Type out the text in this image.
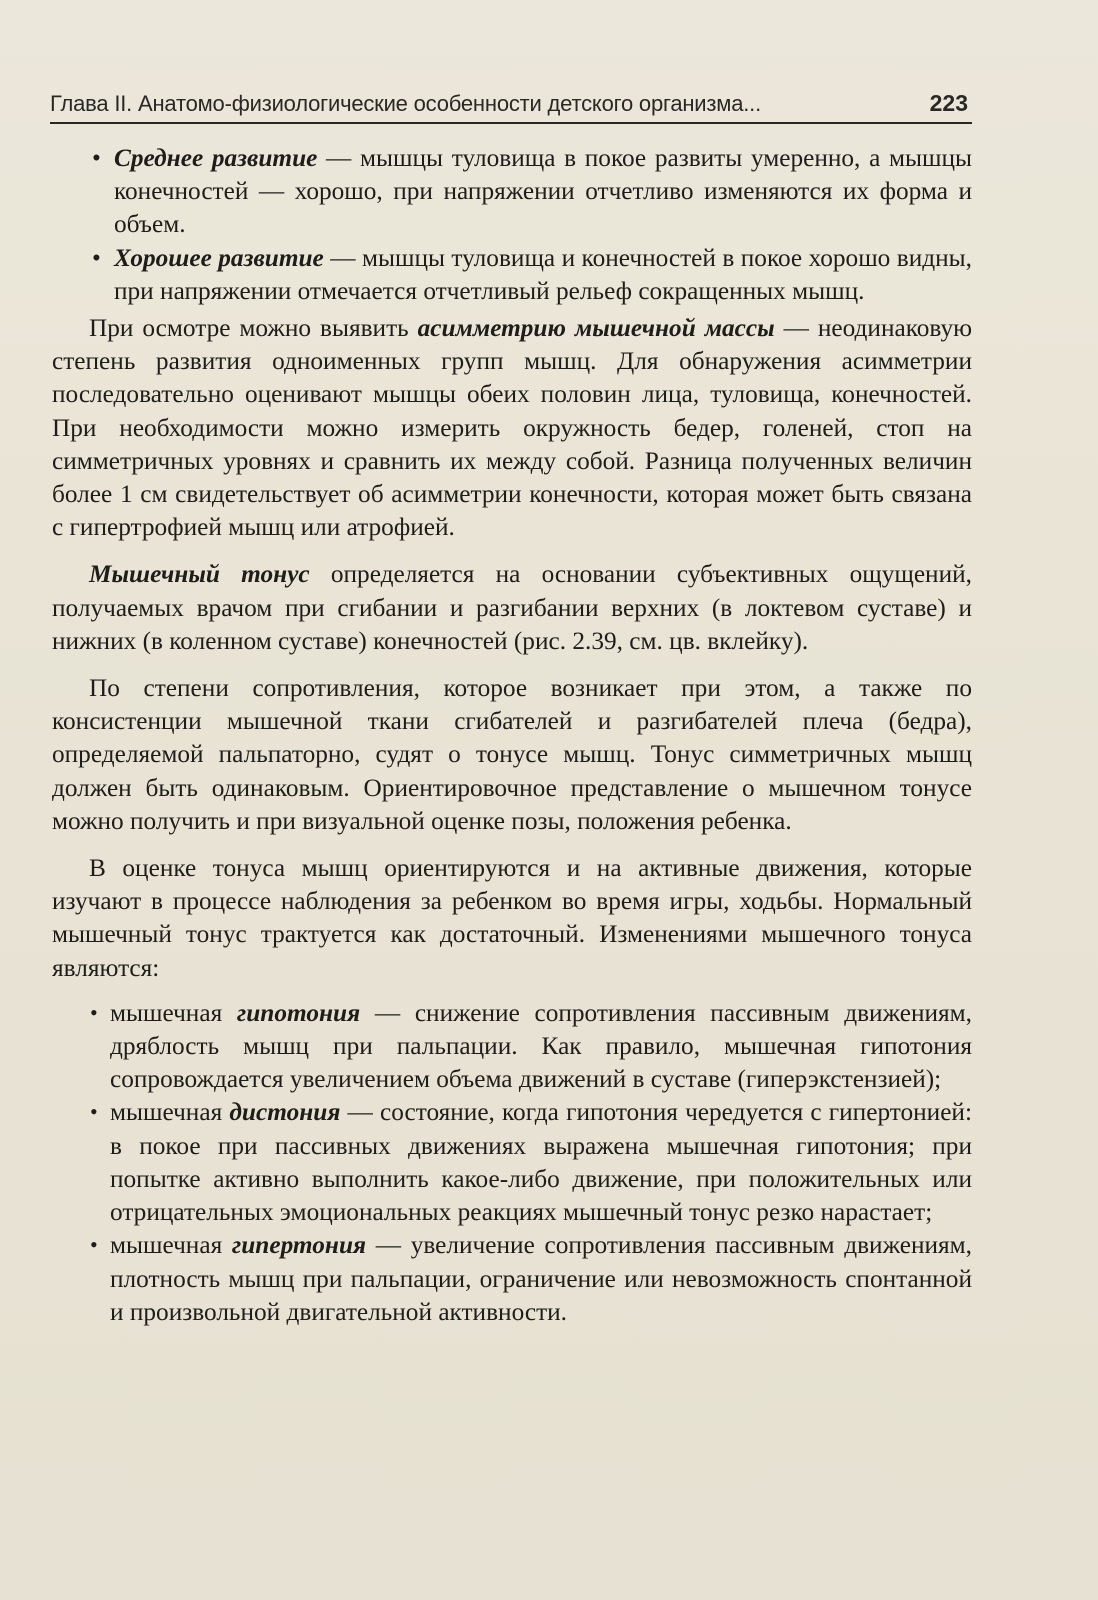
Глава II. Анатомо-физиологические особенности детского организма...	223
• Среднее развитие — мышцы туловища в покое развиты умеренно, а мышцы конечностей — хорошо, при напряжении отчетливо изменяются их форма и объем.
• Хорошее развитие — мышцы туловища и конечностей в покое хорошо видны, при напряжении отмечается отчетливый рельеф сокращенных мышц.

При осмотре можно выявить асимметрию мышечной массы — неодинаковую степень развития одноименных групп мышц. Для обнаружения асимметрии последовательно оценивают мышцы обеих половин лица, туловища, конечностей. При необходимости можно измерить окружность бедер, голеней, стоп на симметричных уровнях и сравнить их между собой. Разница полученных величин более 1 см свидетельствует об асимметрии конечности, которая может быть связана с гипертрофией мышц или атрофией.

Мышечный тонус определяется на основании субъективных ощущений, получаемых врачом при сгибании и разгибании верхних (в локтевом суставе) и нижних (в коленном суставе) конечностей (рис. 2.39, см. цв. вклейку).

По степени сопротивления, которое возникает при этом, а также по консистенции мышечной ткани сгибателей и разгибателей плеча (бедра), определяемой пальпаторно, судят о тонусе мышц. Тонус симметричных мышц должен быть одинаковым. Ориентировочное представление о мышечном тонусе можно получить и при визуальной оценке позы, положения ребенка.

В оценке тонуса мышц ориентируются и на активные движения, которые изучают в процессе наблюдения за ребенком во время игры, ходьбы. Нормальный мышечный тонус трактуется как достаточный. Изменениями мышечного тонуса являются:

• мышечная гипотония — снижение сопротивления пассивным движениям, дряблость мышц при пальпации. Как правило, мышечная гипотония сопровождается увеличением объема движений в суставе (гиперэкстензией);
• мышечная дистония — состояние, когда гипотония чередуется с гипертонией: в покое при пассивных движениях выражена мышечная гипотония; при попытке активно выполнить какое-либо движение, при положительных или отрицательных эмоциональных реакциях мышечный тонус резко нарастает;
• мышечная гипертония — увеличение сопротивления пассивным движениям, плотность мышц при пальпации, ограничение или невозможность спонтанной и произвольной двигательной активности.
